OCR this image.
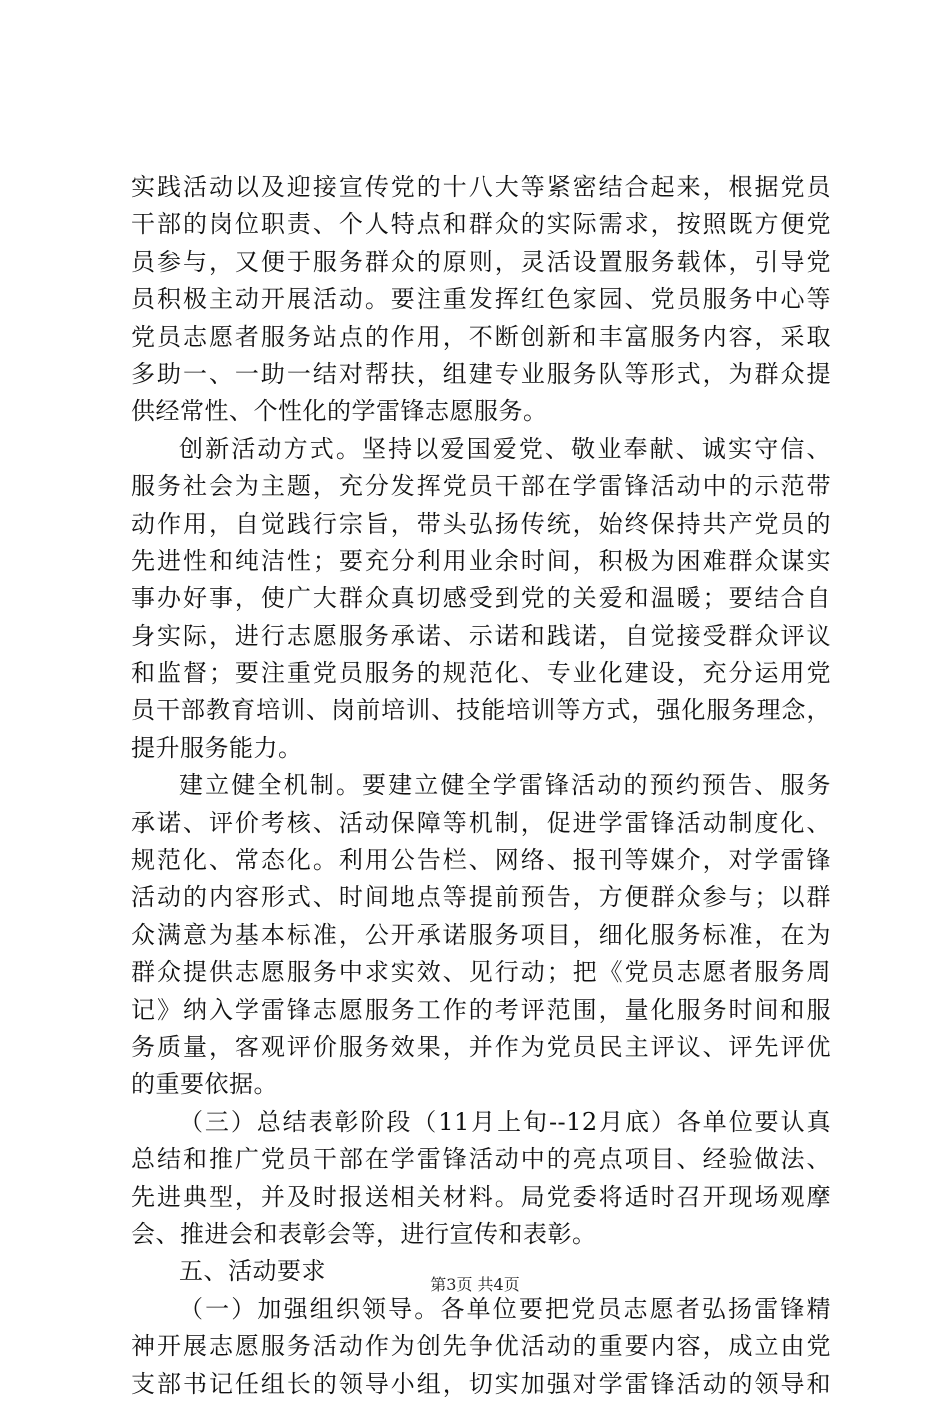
实践活动以及迎接宣传党的十八大等紧密结合起来，根据党员
干部的岗位职责、个人特点和群众的实际需求，按照既方便党
员参与，又便于服务群众的原则，灵活设置服务载体，引导党
员积极主动开展活动。要注重发挥红色家园、党员服务中心等
党员志愿者服务站点的作用，不断创新和丰富服务内容，采取
多助一、一助一结对帮扶，组建专业服务队等形式，为群众提
供经常性、个性化的学雷锋志愿服务。
创新活动方式。坚持以爱国爱党、敬业奉献、诚实守信、
服务社会为主题，充分发挥党员干部在学雷锋活动中的示范带
动作用，自觉践行宗旨，带头弘扬传统，始终保持共产党员的
先进性和纯洁性；要充分利用业余时间，积极为困难群众谋实
事办好事，使广大群众真切感受到党的关爱和温暖；要结合自
身实际，进行志愿服务承诺、示诺和践诺，自觉接受群众评议
和监督；要注重党员服务的规范化、专业化建设，充分运用党
员干部教育培训、岗前培训、技能培训等方式，强化服务理念，
提升服务能力。
建立健全机制。要建立健全学雷锋活动的预约预告、服务
承诺、评价考核、活动保障等机制，促进学雷锋活动制度化、
规范化、常态化。利用公告栏、网络、报刊等媒介，对学雷锋
活动的内容形式、时间地点等提前预告，方便群众参与；以群
众满意为基本标准，公开承诺服务项目，细化服务标准，在为
群众提供志愿服务中求实效、见行动；把《党员志愿者服务周
记》纳入学雷锋志愿服务工作的考评范围，量化服务时间和服
务质量，客观评价服务效果，并作为党员民主评议、评先评优
的重要依据。
（三）总结表彰阶段（11月上旬--12月底）各单位要认真
总结和推广党员干部在学雷锋活动中的亮点项目、经验做法、
先进典型，并及时报送相关材料。局党委将适时召开现场观摩
会、推进会和表彰会等，进行宣传和表彰。
五、活动要求
（一）加强组织领导。各单位要把党员志愿者弘扬雷锋精
神开展志愿服务活动作为创先争优活动的重要内容，成立由党
支部书记任组长的领导小组，切实加强对学雷锋活动的领导和
第3页 共4页
